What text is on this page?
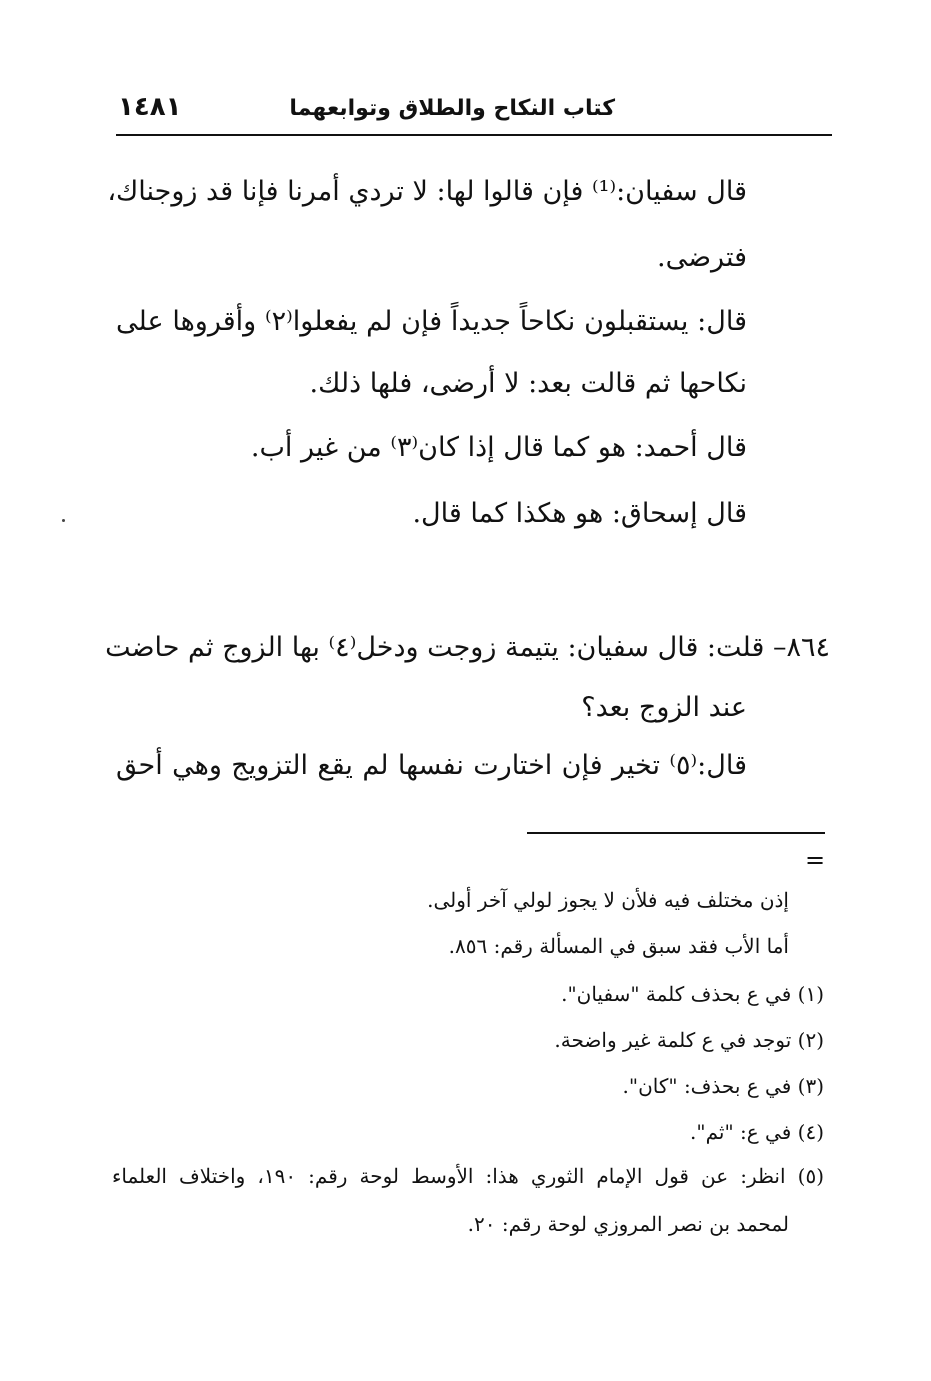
كتاب النكاح والطلاق وتوابعهما
١٤٨١
قال سفيان:⁽¹⁾ فإن قالوا لها: لا تردي أمرنا فإنا قد زوجناك،
فترضى.
قال: يستقبلون نكاحاً جديداً فإن لم يفعلوا⁽٢⁾ وأقروها على
نكاحها ثم قالت بعد: لا أرضى، فلها ذلك.
قال أحمد: هو كما قال إذا كان⁽٣⁾ من غير أب.
قال إسحاق: هو هكذا كما قال.
٨٦٤– قلت: قال سفيان: يتيمة زوجت ودخل⁽٤⁾ بها الزوج ثم حاضت
عند الزوج بعد؟
قال:⁽٥⁾ تخير فإن اختارت نفسها لم يقع التزويج وهي أحق
=
إذن مختلف فيه فلأن لا يجوز لولي آخر أولى.
أما الأب فقد سبق في المسألة رقم: ٨٥٦.
(١) في ع بحذف كلمة "سفيان".
(٢) توجد في ع كلمة غير واضحة.
(٣) في ع بحذف: "كان".
(٤) في ع: "ثم".
(٥) انظر: عن قول الإمام الثوري هذا: الأوسط لوحة رقم: ١٩٠، واختلاف العلماء
لمحمد بن نصر المروزي لوحة رقم: ٢٠.
